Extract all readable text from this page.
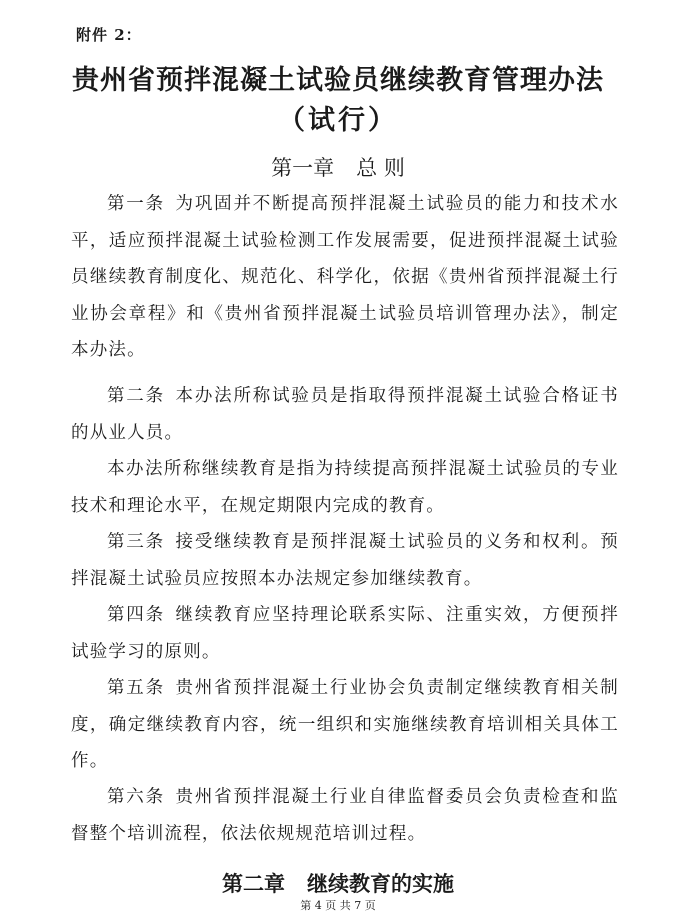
附件 2：
贵州省预拌混凝土试验员继续教育管理办法
（试行）
第一章 总 则

第一条 为巩固并不断提高预拌混凝土试验员的能力和技术水平，适应预拌混凝土试验检测工作发展需要，促进预拌混凝土试验员继续教育制度化、规范化、科学化，依据《贵州省预拌混凝土行业协会章程》和《贵州省预拌混凝土试验员培训管理办法》，制定本办法。

第二条 本办法所称试验员是指取得预拌混凝土试验合格证书的从业人员。

本办法所称继续教育是指为持续提高预拌混凝土试验员的专业技术和理论水平，在规定期限内完成的教育。

第三条 接受继续教育是预拌混凝土试验员的义务和权利。预拌混凝土试验员应按照本办法规定参加继续教育。

第四条 继续教育应坚持理论联系实际、注重实效，方便预拌试验学习的原则。

第五条 贵州省预拌混凝土行业协会负责制定继续教育相关制度，确定继续教育内容，统一组织和实施继续教育培训相关具体工作。

第六条 贵州省预拌混凝土行业自律监督委员会负责检查和监督整个培训流程，依法依规规范培训过程。

第二章 继续教育的实施
第 4 页 共 7 页
